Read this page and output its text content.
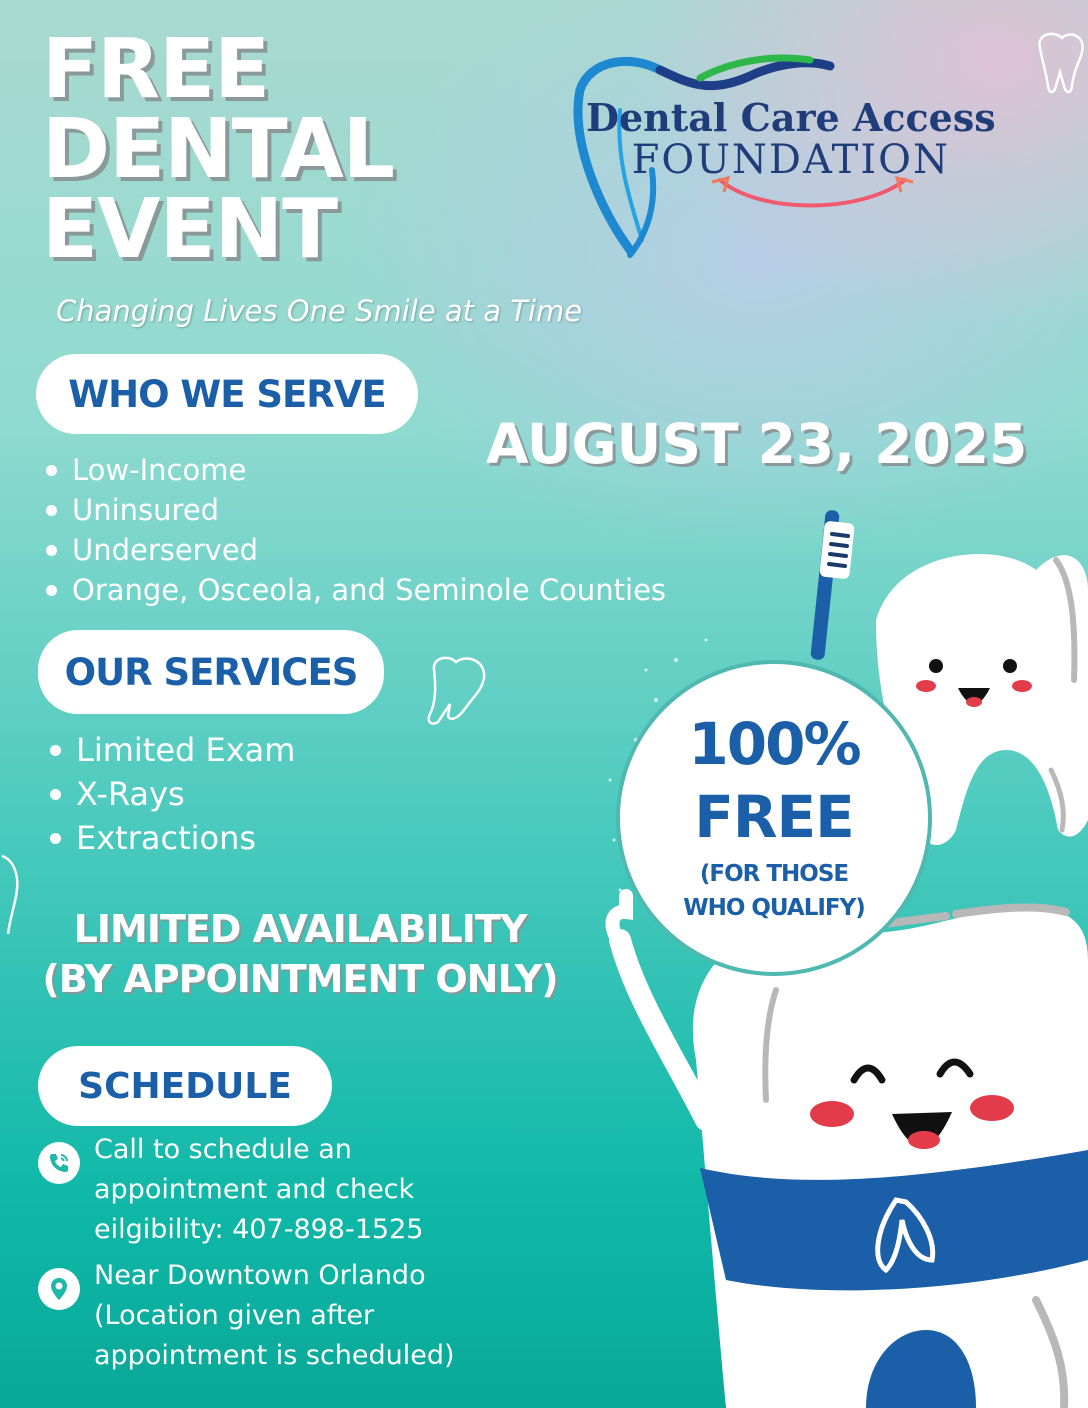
FREE
DENTAL
EVENT
Changing Lives One Smile at a Time
Dental Care Access
FOUNDATION
AUGUST 23, 2025
WHO WE SERVE
Low-Income
Uninsured
Underserved
Orange, Osceola, and Seminole Counties
OUR SERVICES
Limited Exam
X-Rays
Extractions
100%
FREE
(FOR THOSE
WHO QUALIFY)
LIMITED AVAILABILITY
(BY APPOINTMENT ONLY)
SCHEDULE
Call to schedule an
appointment and check
eilgibility: 407-898-1525
Near Downtown Orlando
(Location given after
appointment is scheduled)
